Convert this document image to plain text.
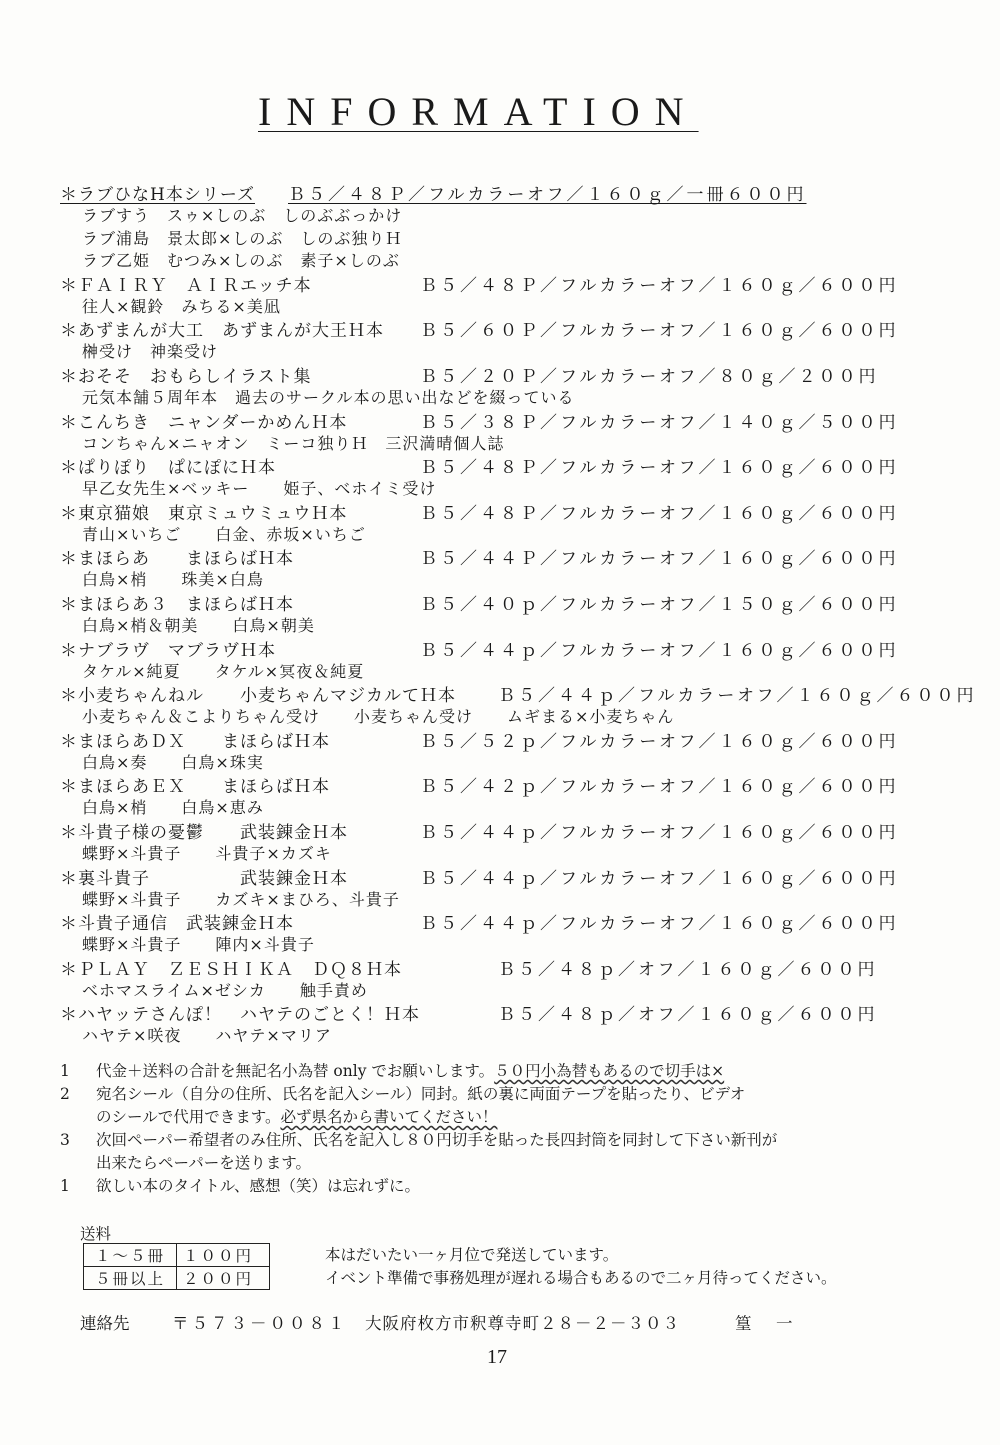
INFORMATION
＊ラブひなH本シリーズ Ｂ５／４８Ｐ／フルカラーオフ／１６０ｇ／一冊６００円
ラブすう　スゥ×しのぶ　しのぶぶっかけ
ラブ浦島　景太郎×しのぶ　しのぶ独りＨ
ラブ乙姫　むつみ×しのぶ　素子×しのぶ
＊ＦＡＩＲＹ　ＡＩＲエッチ本	Ｂ５／４８Ｐ／フルカラーオフ／１６０ｇ／６００円
往人×観鈴　みちる×美凪
＊あずまんが大工　あずまんが大王Ｈ本 Ｂ５／６０Ｐ／フルカラーオフ／１６０ｇ／６００円
榊受け　神楽受け
＊おそそ　おもらしイラスト集	Ｂ５／２０Ｐ／フルカラーオフ／８０ｇ／２００円
元気本舗５周年本　過去のサークル本の思い出などを綴っている
＊こんちき　ニャンダーかめんＨ本	Ｂ５／３８Ｐ／フルカラーオフ／１４０ｇ／５００円
コンちゃん×ニャオン　ミーコ独りＨ　三沢満晴個人誌
＊ぱりぽり　ぱにぽにＨ本	Ｂ５／４８Ｐ／フルカラーオフ／１６０ｇ／６００円
早乙女先生×ベッキー　　姫子、ベホイミ受け
＊東京猫娘　東京ミュウミュウＨ本	Ｂ５／４８Ｐ／フルカラーオフ／１６０ｇ／６００円
青山×いちご　　白金、赤坂×いちご
＊まほらあ　　まほらばＨ本	Ｂ５／４４Ｐ／フルカラーオフ／１６０ｇ／６００円
白鳥×梢　　珠美×白鳥
＊まほらあ３　まほらばＨ本	Ｂ５／４０ｐ／フルカラーオフ／１５０ｇ／６００円
白鳥×梢＆朝美　　白鳥×朝美
＊ナブラヴ　マブラヴＨ本	Ｂ５／４４ｐ／フルカラーオフ／１６０ｇ／６００円
タケル×純夏　　タケル×冥夜＆純夏
＊小麦ちゃんねル　　小麦ちゃんマジカルてＨ本 Ｂ５／４４ｐ／フルカラーオフ／１６０ｇ／６００円
小麦ちゃん＆こよりちゃん受け　　小麦ちゃん受け　　ムギまる×小麦ちゃん
＊まほらあＤＸ　　まほらばＨ本	Ｂ５／５２ｐ／フルカラーオフ／１６０ｇ／６００円
白鳥×奏　　白鳥×珠実
＊まほらあＥＸ　　まほらばＨ本	Ｂ５／４２ｐ／フルカラーオフ／１６０ｇ／６００円
白鳥×梢　　白鳥×恵み
＊斗貴子様の憂鬱　　武装錬金Ｈ本	Ｂ５／４４ｐ／フルカラーオフ／１６０ｇ／６００円
蝶野×斗貴子　　斗貴子×カズキ
＊裏斗貴子　　　　　武装錬金Ｈ本	Ｂ５／４４ｐ／フルカラーオフ／１６０ｇ／６００円
蝶野×斗貴子　　カズキ×まひろ、斗貴子
＊斗貴子通信　武装錬金Ｈ本	Ｂ５／４４ｐ／フルカラーオフ／１６０ｇ／６００円
蝶野×斗貴子　　陣内×斗貴子
＊ＰＬＡＹ　ＺＥＳＨＩＫＡ　ＤＱ８Ｈ本	Ｂ５／４８ｐ／オフ／１６０ｇ／６００円
ベホマスライム×ゼシカ　　触手責め
＊ハヤッテさんぽ！　ハヤテのごとく！Ｈ本	Ｂ５／４８ｐ／オフ／１６０ｇ／６００円
ハヤテ×咲夜　　ハヤテ×マリア
1	代金＋送料の合計を無記名小為替 only でお願いします。５０円小為替もあるので切手は×
2	宛名シール（自分の住所、氏名を記入シール）同封。紙の裏に両面テープを貼ったり、ビデオ
のシールで代用できます。必ず県名から書いてください！
3	次回ペーパー希望者のみ住所、氏名を記入し８０円切手を貼った長四封筒を同封して下さい新刊が
出来たらペーパーを送ります。
1	欲しい本のタイトル、感想（笑）は忘れずに。
送料
１～５冊	１００円
５冊以上	２００円
本はだいたい一ヶ月位で発送しています。
イベント準備で事務処理が遅れる場合もあるので二ヶ月待ってください。
連絡先	〒５７３－００８１ 大阪府枚方市釈尊寺町２８－２－３０３	篁　一
17
